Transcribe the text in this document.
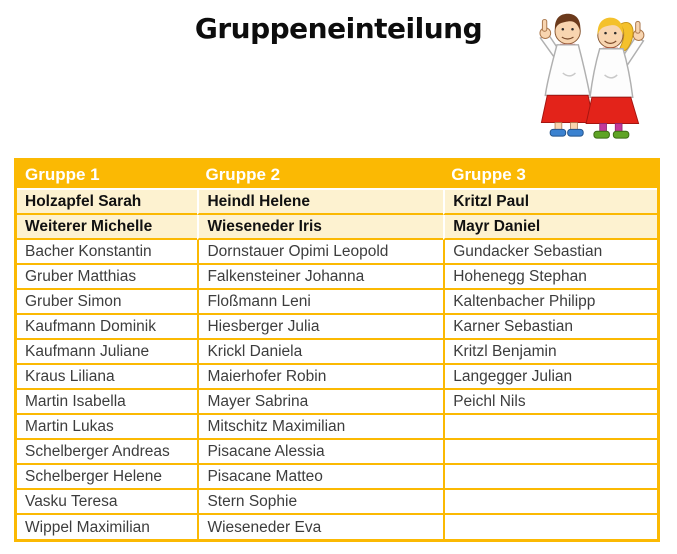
Gruppeneinteilung
Gruppe 1	Gruppe 2	Gruppe 3
Holzapfel Sarah	Heindl Helene	Kritzl Paul
Weiterer Michelle	Wieseneder Iris	Mayr Daniel
Bacher Konstantin	Dornstauer Opimi Leopold	Gundacker Sebastian
Gruber Matthias	Falkensteiner Johanna	Hohenegg Stephan
Gruber Simon	Floßmann Leni	Kaltenbacher Philipp
Kaufmann Dominik	Hiesberger Julia	Karner Sebastian
Kaufmann Juliane	Krickl Daniela	Kritzl Benjamin
Kraus Liliana	Maierhofer Robin	Langegger Julian
Martin Isabella	Mayer Sabrina	Peichl Nils
Martin Lukas	Mitschitz Maximilian	
Schelberger Andreas	Pisacane Alessia	
Schelberger Helene	Pisacane Matteo	
Vasku Teresa	Stern Sophie	
Wippel Maximilian	Wieseneder Eva	
